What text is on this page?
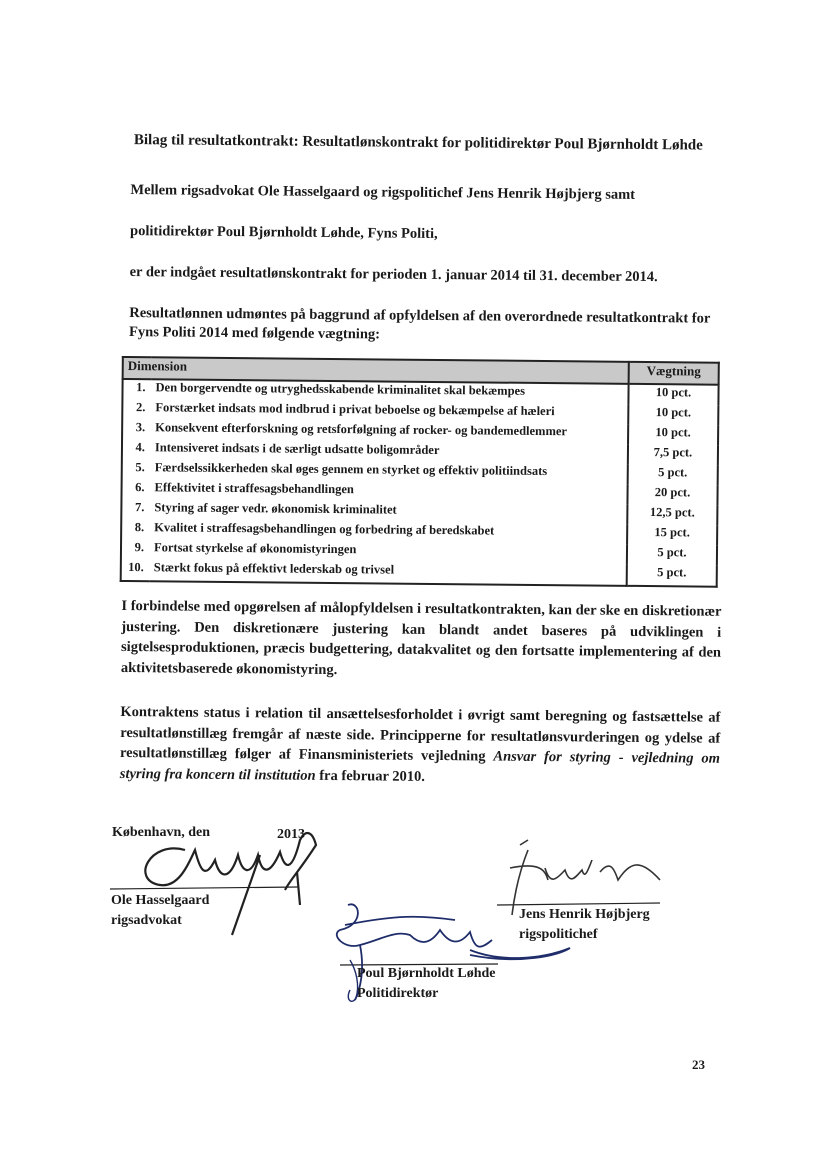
Bilag til resultatkontrakt: Resultatlønskontrakt for politidirektør Poul Bjørnholdt Løhde
Mellem rigsadvokat Ole Hasselgaard og rigspolitichef Jens Henrik Højbjerg samt
politidirektør Poul Bjørnholdt Løhde, Fyns Politi,
er der indgået resultatlønskontrakt for perioden 1. januar 2014 til 31. december 2014.
Resultatlønnen udmøntes på baggrund af opfyldelsen af den overordnede resultatkontrakt for Fyns Politi 2014 med følgende vægtning:
Dimension		Vægtning
1.	Den borgervendte og utryghedsskabende kriminalitet skal bekæmpes	10 pct.
2.	Forstærket indsats mod indbrud i privat beboelse og bekæmpelse af hæleri	10 pct.
3.	Konsekvent efterforskning og retsforfølgning af rocker- og bandemedlemmer	10 pct.
4.	Intensiveret indsats i de særligt udsatte boligområder	7,5 pct.
5.	Færdselssikkerheden skal øges gennem en styrket og effektiv politiindsats	5 pct.
6.	Effektivitet i straffesagsbehandlingen	20 pct.
7.	Styring af sager vedr. økonomisk kriminalitet	12,5 pct.
8.	Kvalitet i straffesagsbehandlingen og forbedring af beredskabet	15 pct.
9.	Fortsat styrkelse af økonomistyringen	5 pct.
10.	Stærkt fokus på effektivt lederskab og trivsel	5 pct.
I forbindelse med opgørelsen af målopfyldelsen i resultatkontrakten, kan der ske en diskretionær justering. Den diskretionære justering kan blandt andet baseres på udviklingen i sigtelsesproduktionen, præcis budgettering, datakvalitet og den fortsatte implementering af den aktivitetsbaserede økonomistyring.
Kontraktens status i relation til ansættelsesforholdet i øvrigt samt beregning og fastsættelse af resultatlønstillæg fremgår af næste side. Principperne for resultatlønsvurderingen og ydelse af resultatlønstillæg følger af Finansministeriets vejledning Ansvar for styring - vejledning om styring fra koncern til institution fra februar 2010.
København, den	2013
Ole Hasselgaard
rigsadvokat	Jens Henrik Højbjerg
rigspolitichef
Poul Bjørnholdt Løhde
Politidirektør
23
